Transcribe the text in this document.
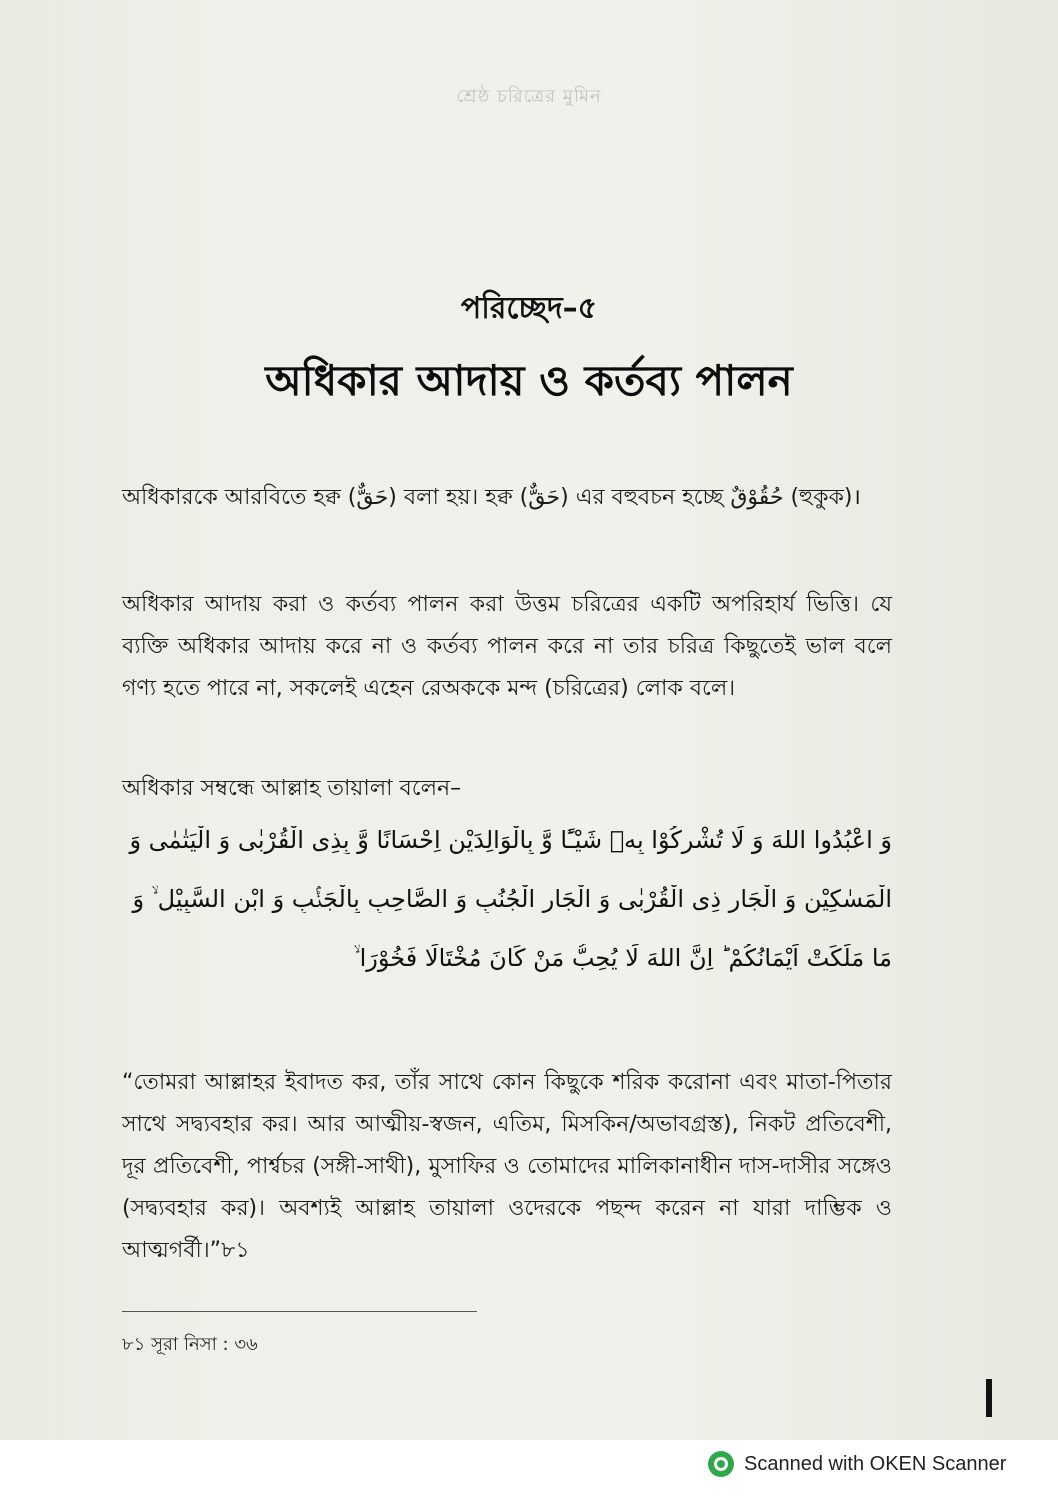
শ্রেষ্ঠ চরিত্রের মুমিন
পরিচ্ছেদ–৫
অধিকার আদায় ও কর্তব্য পালন

অধিকারকে আরবিতে হক্ব (حَقٌّ) বলা হয়। হক্ব (حَقٌّ) এর বহুবচন হচ্ছে حُقُوْقٌ (হুকুক)।

অধিকার আদায় করা ও কর্তব্য পালন করা উত্তম চরিত্রের একটি অপরিহার্য ভিত্তি। যে ব্যক্তি অধিকার আদায় করে না ও কর্তব্য পালন করে না তার চরিত্র কিছুতেই ভাল বলে গণ্য হতে পারে না, সকলেই এহেন রেঅককে মন্দ (চরিত্রের) লোক বলে।

অধিকার সম্বন্ধে আল্লাহ তায়ালা বলেন–

وَ اعْبُدُوا اللهَ وَ لَا تُشْرِكُوْا بِهٖ شَيْـًٔا وَّ بِالْوَالِدَيْنِ اِحْسَانًا وَّ بِذِى الْقُرْبٰى وَ الْيَتٰمٰى وَ
الْمَسٰكِيْنِ وَ الْجَارِ ذِى الْقُرْبٰى وَ الْجَارِ الْجُنُبِ وَ الصَّاحِبِ بِالْجَنْۢبِ وَ ابْنِ السَّبِيْلِ ۙ وَ
مَا مَلَكَتْ اَيْمَانُكُمْ ؕ اِنَّ اللهَ لَا يُحِبُّ مَنْ كَانَ مُخْتَالًا فَخُوْرَا ۙ

“তোমরা আল্লাহর ইবাদত কর, তাঁর সাথে কোন কিছুকে শরিক করোনা এবং মাতা-পিতার সাথে সদ্ব্যবহার কর। আর আত্মীয়-স্বজন, এতিম, মিসকিন/অভাবগ্রস্ত), নিকট প্রতিবেশী, দূর প্রতিবেশী, পার্শ্বচর (সঙ্গী-সাথী), মুসাফির ও তোমাদের মালিকানাধীন দাস-দাসীর সঙ্গেও (সদ্ব্যবহার কর)। অবশ্যই আল্লাহ তায়ালা ওদেরকে পছন্দ করেন না যারা দাম্ভিক ও আত্মগর্বী।”৮১

৮১ সূরা নিসা : ৩৬
Scanned with OKEN Scanner
